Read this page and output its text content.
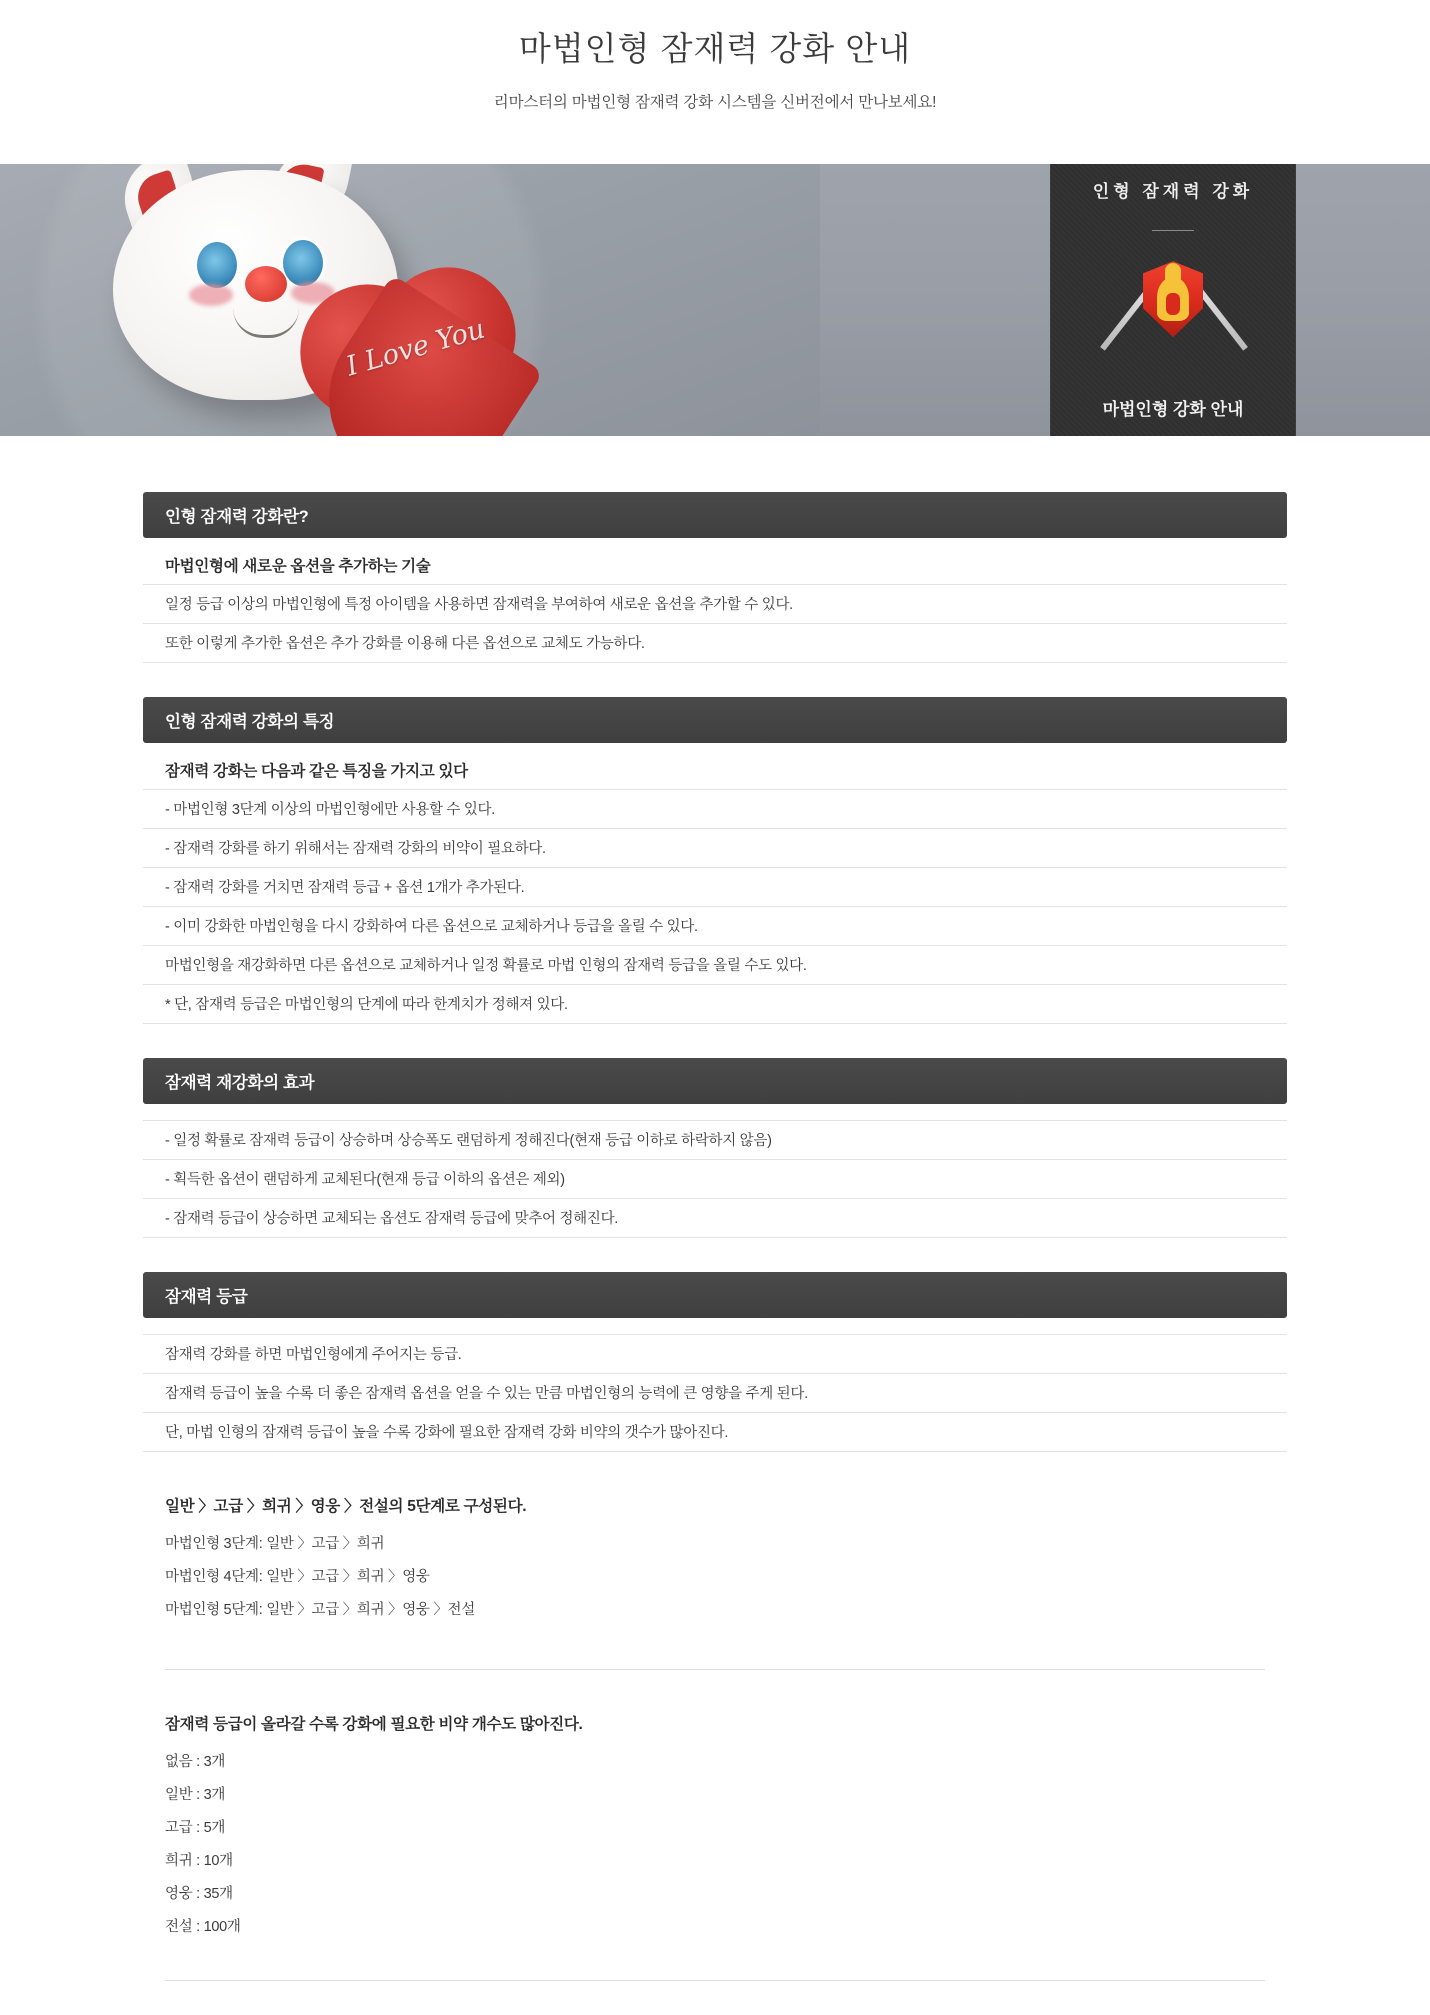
마법인형 잠재력 강화 안내
리마스터의 마법인형 잠재력 강화 시스템을 신버전에서 만나보세요!
I Love You
인형 잠재력 강화
마법인형 강화 안내
인형 잠재력 강화란?
마법인형에 새로운 옵션을 추가하는 기술
일정 등급 이상의 마법인형에 특정 아이템을 사용하면 잠재력을 부여하여 새로운 옵션을 추가할 수 있다.
또한 이렇게 추가한 옵션은 추가 강화를 이용해 다른 옵션으로 교체도 가능하다.
인형 잠재력 강화의 특징
잠재력 강화는 다음과 같은 특징을 가지고 있다
- 마법인형 3단계 이상의 마법인형에만 사용할 수 있다.
- 잠재력 강화를 하기 위해서는 잠재력 강화의 비약이 필요하다.
- 잠재력 강화를 거치면 잠재력 등급 + 옵션 1개가 추가된다.
- 이미 강화한 마법인형을 다시 강화하여 다른 옵션으로 교체하거나 등급을 올릴 수 있다.
마법인형을 재강화하면 다른 옵션으로 교체하거나 일정 확률로 마법 인형의 잠재력 등급을 올릴 수도 있다.
* 단, 잠재력 등급은 마법인형의 단계에 따라 한계치가 정해져 있다.
잠재력 재강화의 효과
- 일정 확률로 잠재력 등급이 상승하며 상승폭도 랜덤하게 정해진다(현재 등급 이하로 하락하지 않음)
- 획득한 옵션이 랜덤하게 교체된다(현재 등급 이하의 옵션은 제외)
- 잠재력 등급이 상승하면 교체되는 옵션도 잠재력 등급에 맞추어 정해진다.
잠재력 등급
잠재력 강화를 하면 마법인형에게 주어지는 등급.
잠재력 등급이 높을 수록 더 좋은 잠재력 옵션을 얻을 수 있는 만큼 마법인형의 능력에 큰 영향을 주게 된다.
단, 마법 인형의 잠재력 등급이 높을 수록 강화에 필요한 잠재력 강화 비약의 갯수가 많아진다.
일반 〉고급 〉희귀 〉영웅 〉전설의 5단계로 구성된다.
마법인형 3단계: 일반 〉고급 〉희귀
마법인형 4단계: 일반 〉고급 〉희귀 〉영웅
마법인형 5단계: 일반 〉고급 〉희귀 〉영웅 〉전설
잠재력 등급이 올라갈 수록 강화에 필요한 비약 개수도 많아진다.
없음 : 3개
일반 : 3개
고급 : 5개
희귀 : 10개
영웅 : 35개
전설 : 100개
